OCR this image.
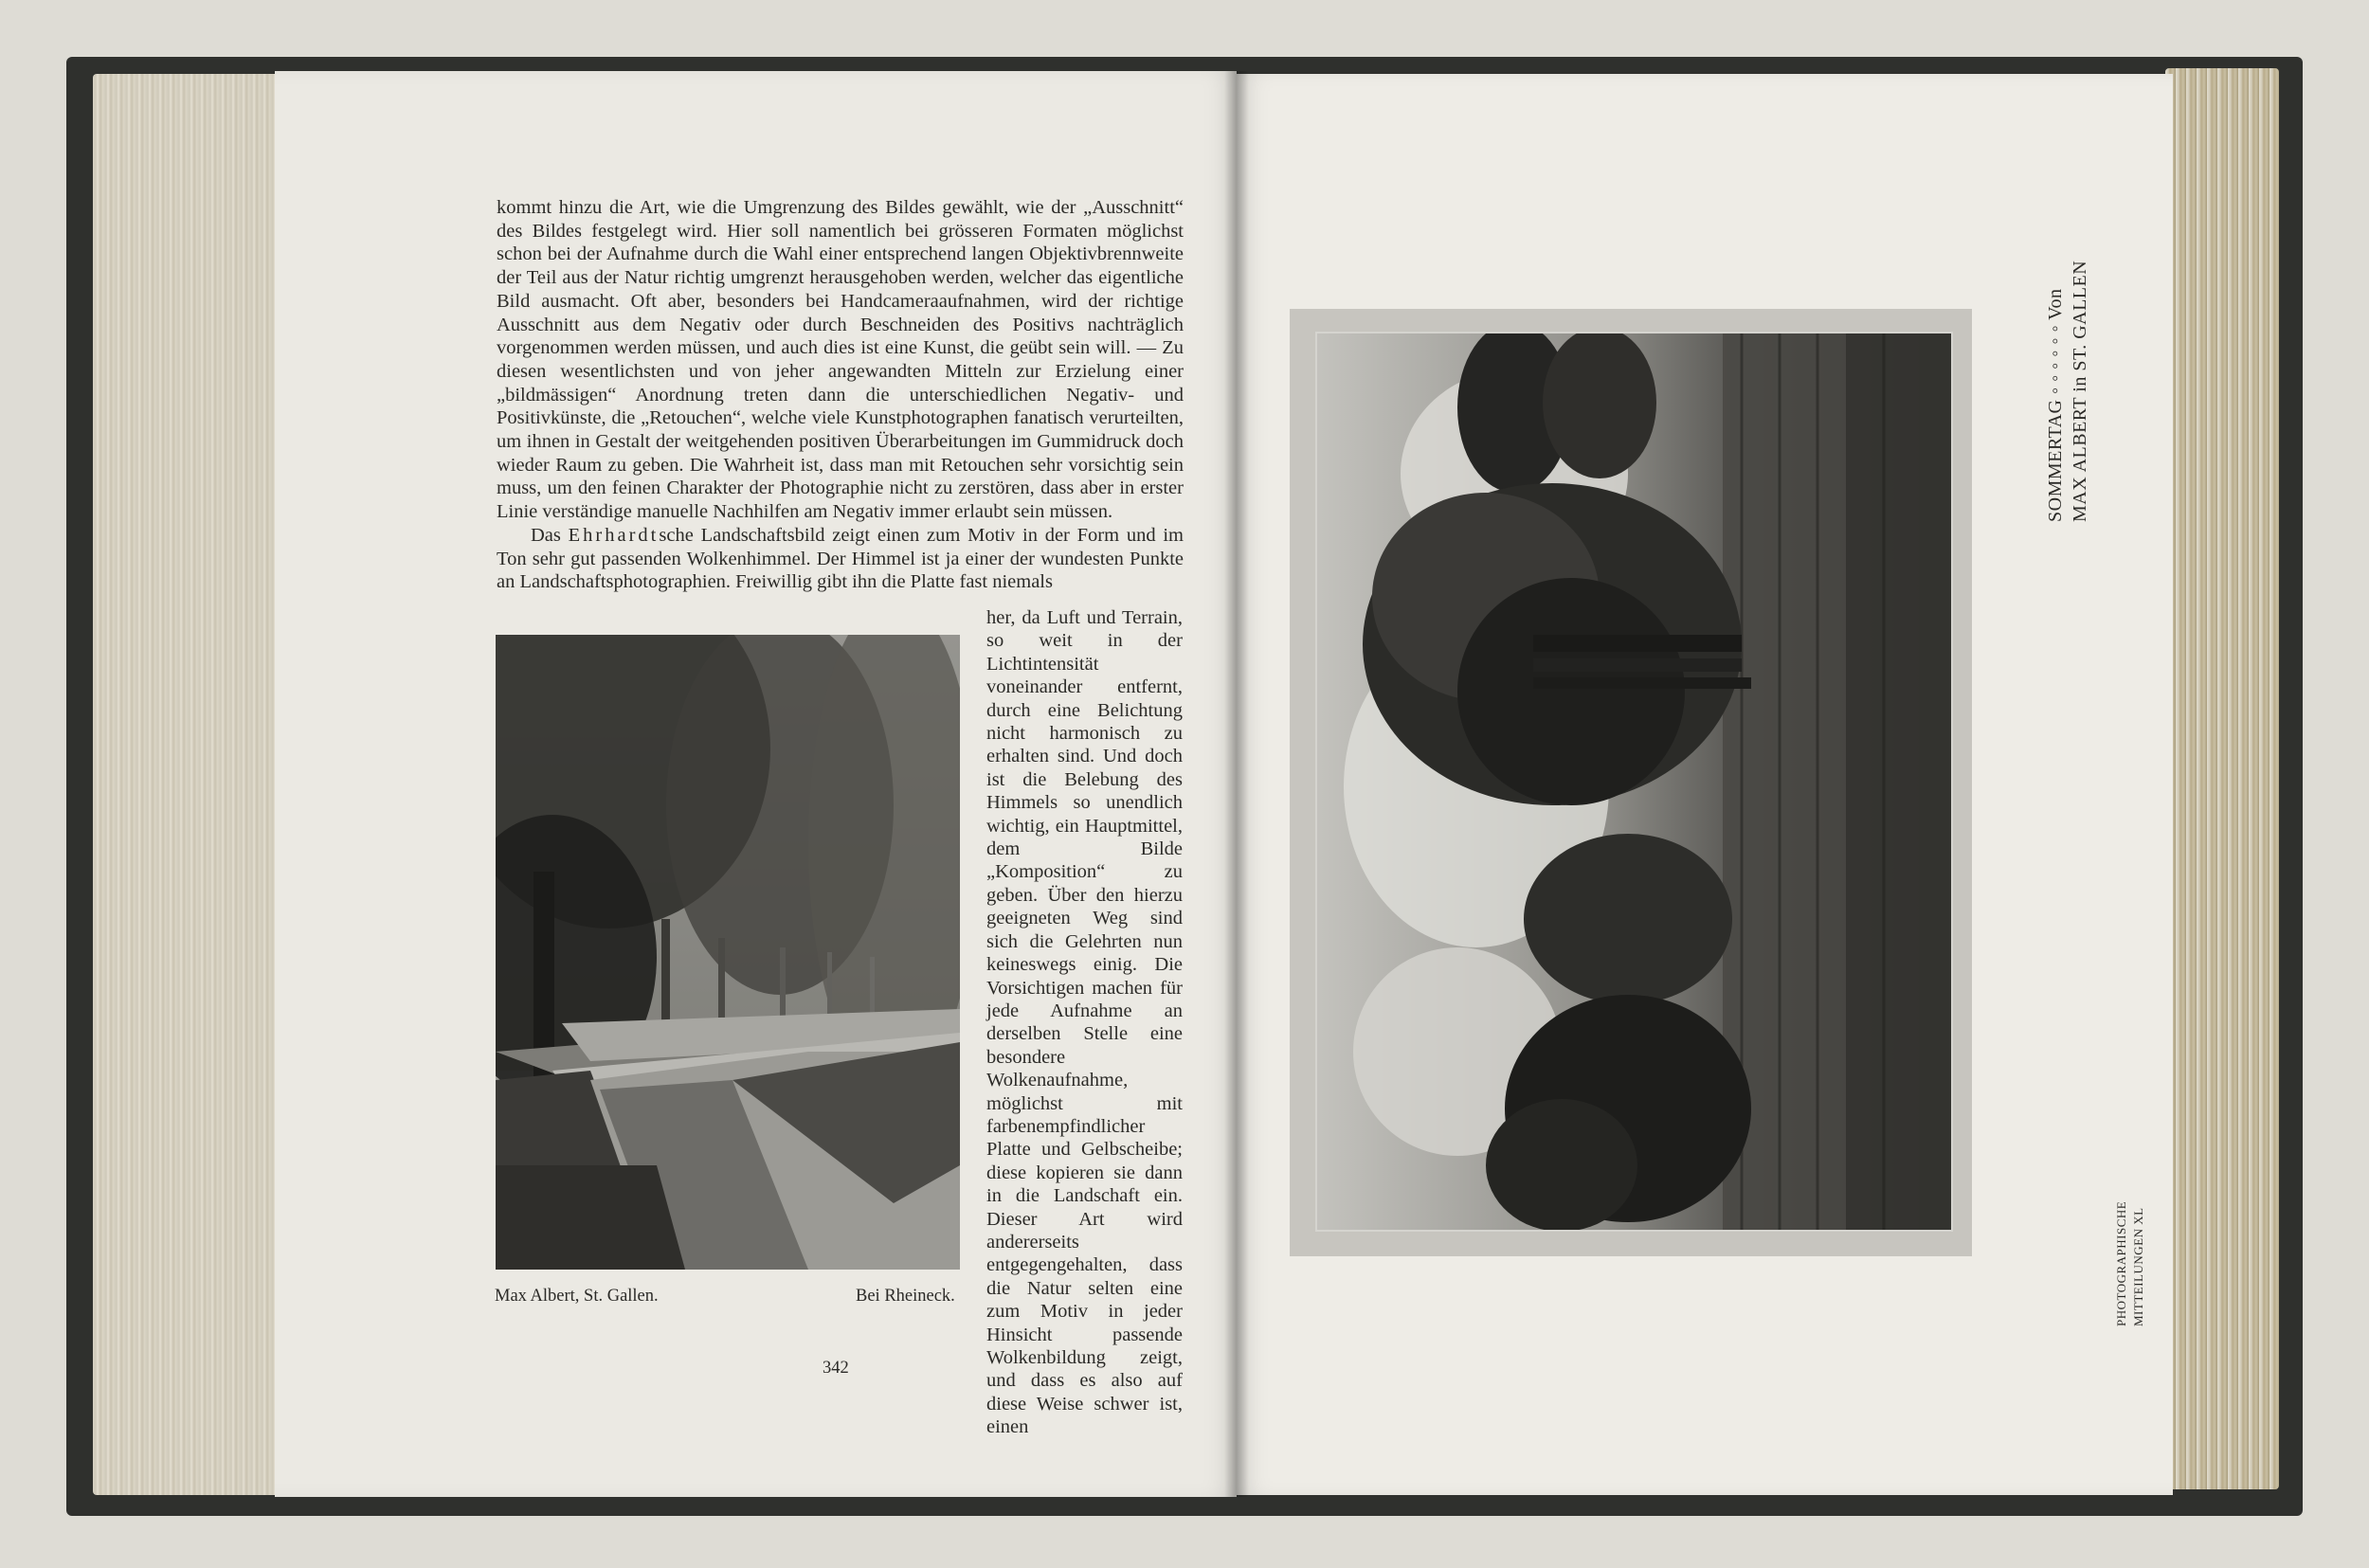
kommt hinzu die Art, wie die Umgrenzung des Bildes gewählt, wie der „Ausschnitt“ des Bildes festgelegt wird. Hier soll namentlich bei grösseren Formaten möglichst schon bei der Aufnahme durch die Wahl einer entsprechend langen Objektivbrennweite der Teil aus der Natur richtig umgrenzt herausgehoben werden, welcher das eigentliche Bild ausmacht. Oft aber, besonders bei Handcameraaufnahmen, wird der richtige Ausschnitt aus dem Negativ oder durch Beschneiden des Positivs nachträglich vorgenommen werden müssen, und auch dies ist eine Kunst, die geübt sein will. — Zu diesen wesentlichsten und von jeher angewandten Mitteln zur Erzielung einer „bildmässigen“ Anordnung treten dann die unterschiedlichen Negativ- und Positivkünste, die „Retouchen“, welche viele Kunstphotographen fanatisch verurteilten, um ihnen in Gestalt der weitgehenden positiven Überarbeitungen im Gummidruck doch wieder Raum zu geben. Die Wahrheit ist, dass man mit Retouchen sehr vorsichtig sein muss, um den feinen Charakter der Photographie nicht zu zerstören, dass aber in erster Linie verständige manuelle Nachhilfen am Negativ immer erlaubt sein müssen.

Das Ehrhardtsche Landschaftsbild zeigt einen zum Motiv in der Form und im Ton sehr gut passenden Wolkenhimmel. Der Himmel ist ja einer der wundesten Punkte an Landschaftsphotographien. Freiwillig gibt ihn die Platte fast niemals

her, da Luft und Terrain, so weit in der Lichtintensität voneinander entfernt, durch eine Belichtung nicht harmonisch zu erhalten sind. Und doch ist die Belebung des Himmels so unendlich wichtig, ein Hauptmittel, dem Bilde „Komposition“ zu geben. Über den hierzu geeigneten Weg sind sich die Gelehrten nun keineswegs einig. Die Vorsichtigen machen für jede Aufnahme an derselben Stelle eine besondere Wolkenaufnahme, möglichst mit farbenempfindlicher Platte und Gelbscheibe; diese kopieren sie dann in die Landschaft ein. Dieser Art wird andererseits entgegengehalten, dass die Natur selten eine zum Motiv in jeder Hinsicht passende Wolkenbildung zeigt, und dass es also auf diese Weise schwer ist, einen

Max Albert, St. Gallen.	Bei Rheineck.
342
SOMMERTAG ◦ ◦ ◦ ◦ ◦ ◦ Von MAX ALBERT in ST. GALLEN
PHOTOGRAPHISCHE MITTEILUNGEN XL
